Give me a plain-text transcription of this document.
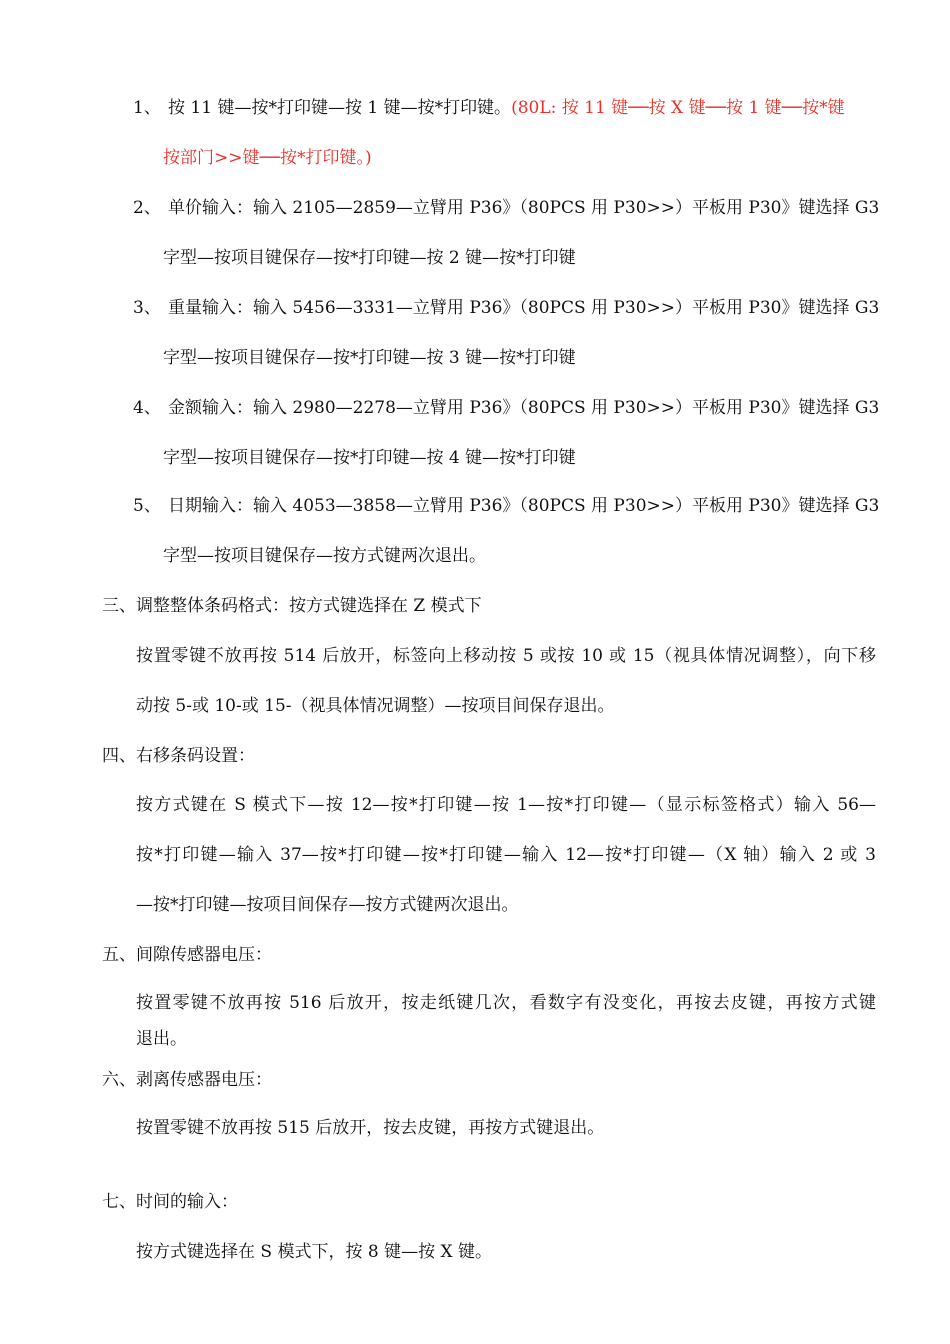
1、 按 11 键—按*打印键—按 1 键—按*打印键。(80L: 按 11 键──按 X 键──按 1 键──按*键
按部门>>键──按*打印键。)
2、 单价输入：输入 2105—2859—立臂用 P36》（80PCS 用 P30>>）平板用 P30》键选择 G3
字型—按项目键保存—按*打印键—按 2 键—按*打印键
3、 重量输入：输入 5456—3331—立臂用 P36》（80PCS 用 P30>>）平板用 P30》键选择 G3
字型—按项目键保存—按*打印键—按 3 键—按*打印键
4、 金额输入：输入 2980—2278—立臂用 P36》（80PCS 用 P30>>）平板用 P30》键选择 G3
字型—按项目键保存—按*打印键—按 4 键—按*打印键
5、 日期输入：输入 4053—3858—立臂用 P36》（80PCS 用 P30>>）平板用 P30》键选择 G3
字型—按项目键保存—按方式键两次退出。
三、调整整体条码格式：按方式键选择在 Z 模式下
按置零键不放再按 514 后放开，标签向上移动按 5 或按 10 或 15（视具体情况调整），向下移
动按 5-或 10-或 15-（视具体情况调整）—按项目间保存退出。
四、右移条码设置：
按方式键在 S 模式下—按 12—按*打印键—按 1—按*打印键—（显示标签格式）输入 56—
按*打印键—输入 37—按*打印键—按*打印键—输入 12—按*打印键—（X 轴）输入 2 或 3
—按*打印键—按项目间保存—按方式键两次退出。
五、间隙传感器电压：
按置零键不放再按 516 后放开，按走纸键几次，看数字有没变化，再按去皮键，再按方式键
退出。
六、剥离传感器电压：
按置零键不放再按 515 后放开，按去皮键，再按方式键退出。
七、时间的输入：
按方式键选择在 S 模式下，按 8 键—按 X 键。
